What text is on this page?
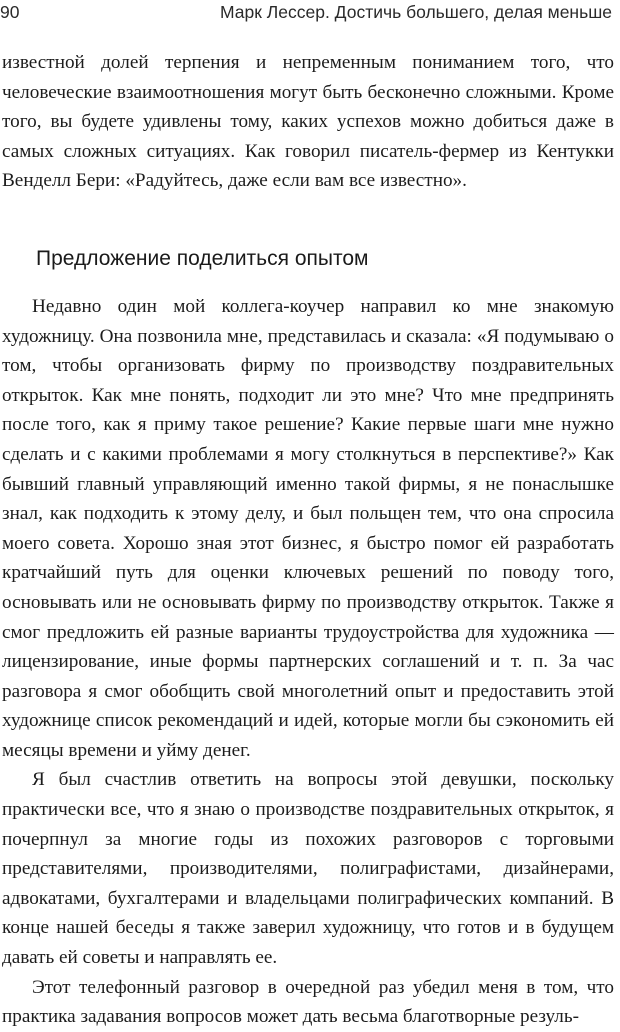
90	Марк Лессер. Достичь большего, делая меньше

известной долей терпения и непременным пониманием того, что человеческие взаимоотношения могут быть бесконечно сложными. Кроме того, вы будете удивлены тому, каких успехов можно добиться даже в самых сложных ситуациях. Как говорил писатель-фермер из Кентукки Венделл Бери: «Радуйтесь, даже если вам все известно».

Предложение поделиться опытом

Недавно один мой коллега-коучер направил ко мне знакомую художницу. Она позвонила мне, представилась и сказала: «Я подумываю о том, чтобы организовать фирму по производству поздравительных открыток. Как мне понять, подходит ли это мне? Что мне предпринять после того, как я приму такое решение? Какие первые шаги мне нужно сделать и с какими проблемами я могу столкнуться в перспективе?» Как бывший главный управляющий именно такой фирмы, я не понаслышке знал, как подходить к этому делу, и был польщен тем, что она спросила моего совета. Хорошо зная этот бизнес, я быстро помог ей разработать кратчайший путь для оценки ключевых решений по поводу того, основывать или не основывать фирму по производству открыток. Также я смог предложить ей разные варианты трудоустройства для художника — лицензирование, иные формы партнерских соглашений и т. п. За час разговора я смог обобщить свой многолетний опыт и предоставить этой художнице список рекомендаций и идей, которые могли бы сэкономить ей месяцы времени и уйму денег.

Я был счастлив ответить на вопросы этой девушки, поскольку практически все, что я знаю о производстве поздравительных открыток, я почерпнул за многие годы из похожих разговоров с торговыми представителями, производителями, полиграфистами, дизайнерами, адвокатами, бухгалтерами и владельцами полиграфических компаний. В конце нашей беседы я также заверил художницу, что готов и в будущем давать ей советы и направлять ее.

Этот телефонный разговор в очередной раз убедил меня в том, что практика задавания вопросов может дать весьма благотворные резуль-
